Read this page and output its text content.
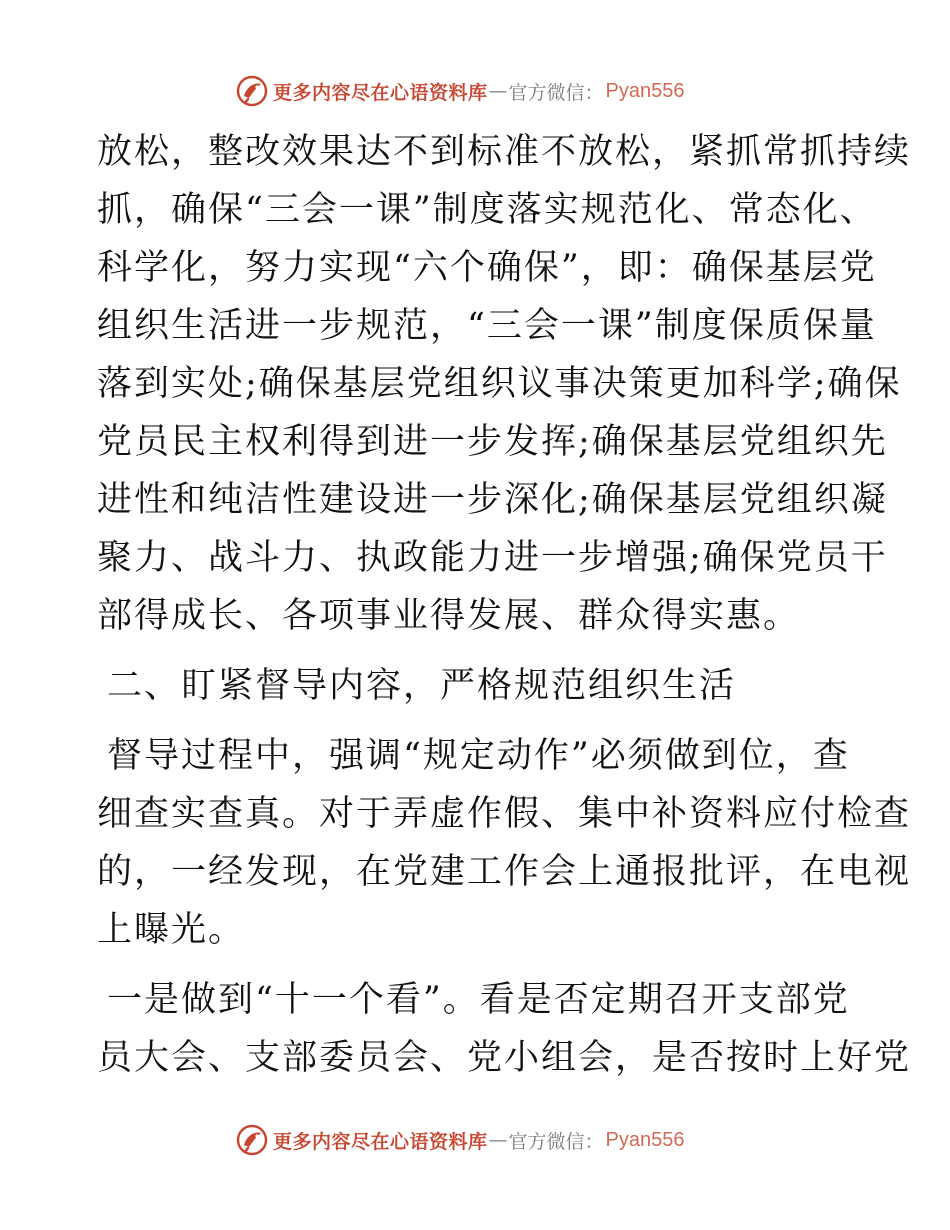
更多内容尽在心语资料库 — 官方微信： Pyan556
放松，整改效果达不到标准不放松，紧抓常抓持续
抓，确保“三会一课”制度落实规范化、常态化、
科学化，努力实现“六个确保”，即：确保基层党
组织生活进一步规范，“三会一课”制度保质保量
落到实处;确保基层党组织议事决策更加科学;确保
党员民主权利得到进一步发挥;确保基层党组织先
进性和纯洁性建设进一步深化;确保基层党组织凝
聚力、战斗力、执政能力进一步增强;确保党员干
部得成长、各项事业得发展、群众得实惠。
二、盯紧督导内容，严格规范组织生活
督导过程中，强调“规定动作”必须做到位，查
细查实查真。对于弄虚作假、集中补资料应付检查
的，一经发现，在党建工作会上通报批评，在电视
上曝光。
一是做到“十一个看”。看是否定期召开支部党
员大会、支部委员会、党小组会，是否按时上好党
更多内容尽在心语资料库 — 官方微信： Pyan556
